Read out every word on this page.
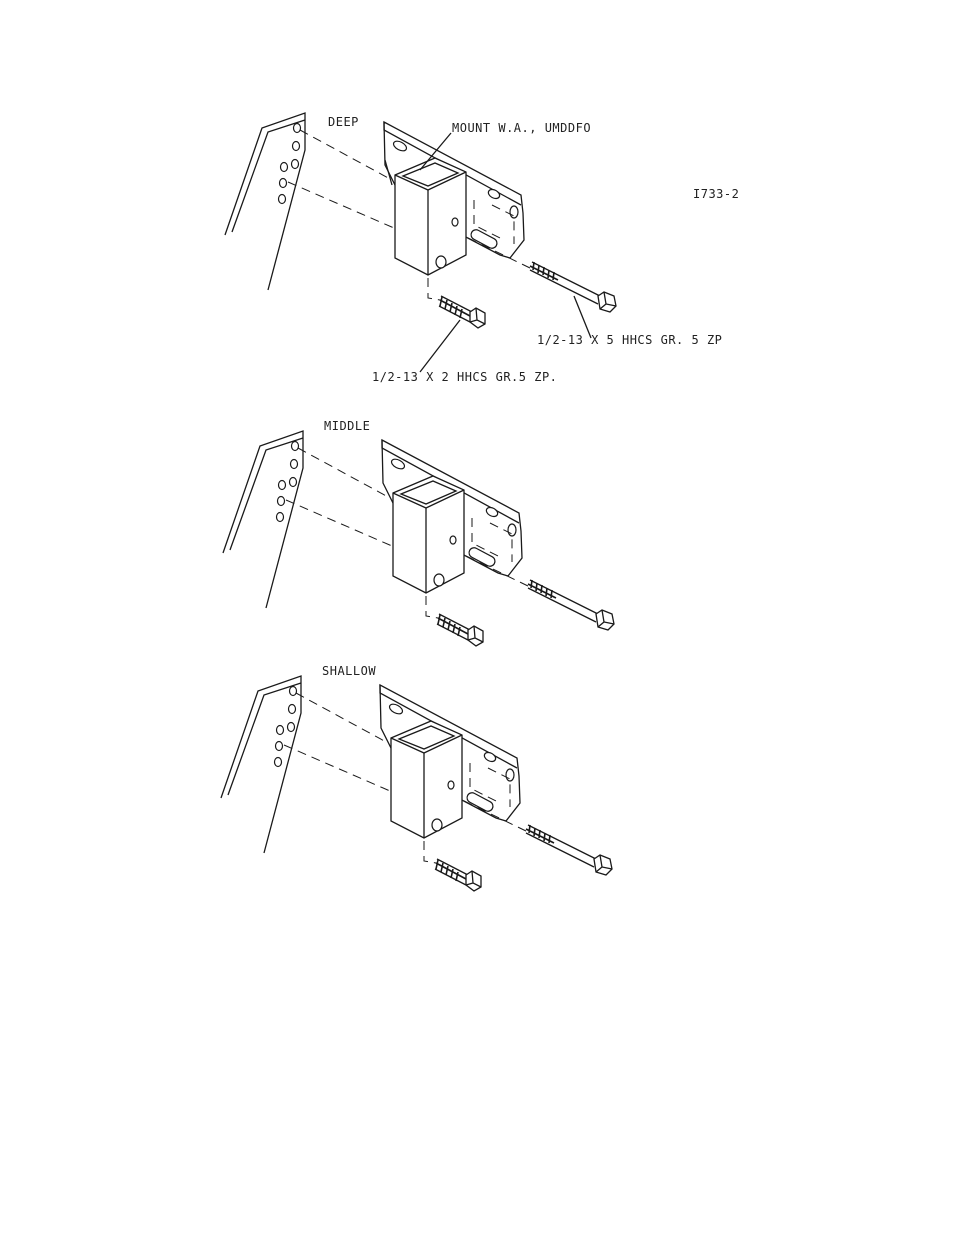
DEEP	MOUNT W.A., UMDDFO
I733-2
1/2-13 X 5 HHCS GR. 5 ZP
1/2-13 X 2 HHCS GR.5 ZP.
MIDDLE
SHALLOW
